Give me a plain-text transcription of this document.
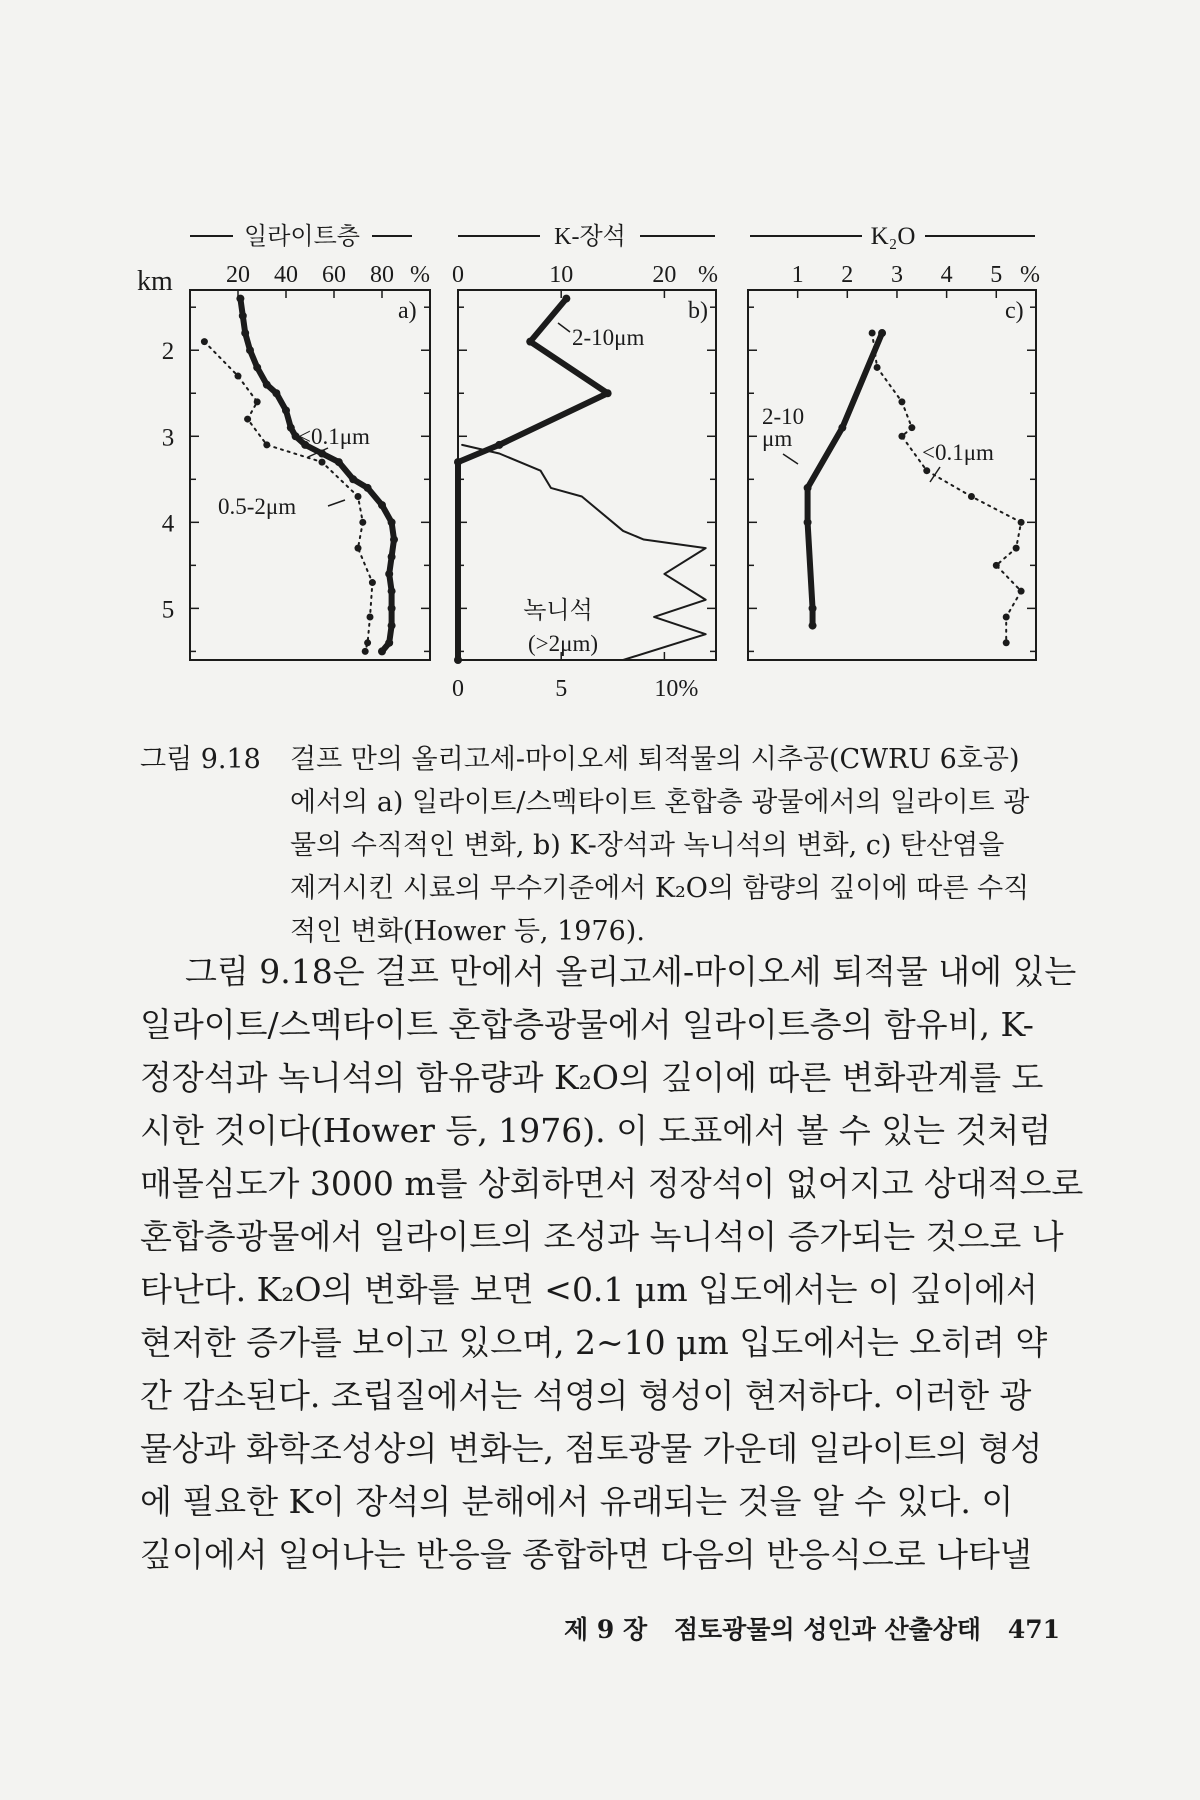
일라이트층	K-장석	K₂O
km
2
3
4
5
20 40 60 80 % 0	10	20 %	1 2 3 4 5 %
0	5	10%
a)	b)	c)
<0.1μm
0.5-2μm
2-10μm
녹니석
(>2μm)
2-10
μm
<0.1μm
그림 9.18 걸프 만의 올리고세-마이오세 퇴적물의 시추공(CWRU 6호공)
에서의 a) 일라이트/스멕타이트 혼합층 광물에서의 일라이트 광
물의 수직적인 변화, b) K-장석과 녹니석의 변화, c) 탄산염을
제거시킨 시료의 무수기준에서 K₂O의 함량의 깊이에 따른 수직
적인 변화(Hower 등, 1976).
그림 9.18은 걸프 만에서 올리고세-마이오세 퇴적물 내에 있는
일라이트/스멕타이트 혼합층광물에서 일라이트층의 함유비, K-
정장석과 녹니석의 함유량과 K₂O의 깊이에 따른 변화관계를 도
시한 것이다(Hower 등, 1976). 이 도표에서 볼 수 있는 것처럼
매몰심도가 3000 m를 상회하면서 정장석이 없어지고 상대적으로
혼합층광물에서 일라이트의 조성과 녹니석이 증가되는 것으로 나
타난다. K₂O의 변화를 보면 <0.1 μm 입도에서는 이 깊이에서
현저한 증가를 보이고 있으며, 2~10 μm 입도에서는 오히려 약
간 감소된다. 조립질에서는 석영의 형성이 현저하다. 이러한 광
물상과 화학조성상의 변화는, 점토광물 가운데 일라이트의 형성
에 필요한 K이 장석의 분해에서 유래되는 것을 알 수 있다. 이
깊이에서 일어나는 반응을 종합하면 다음의 반응식으로 나타낼
제 9 장 점토광물의 성인과 산출상태 471
